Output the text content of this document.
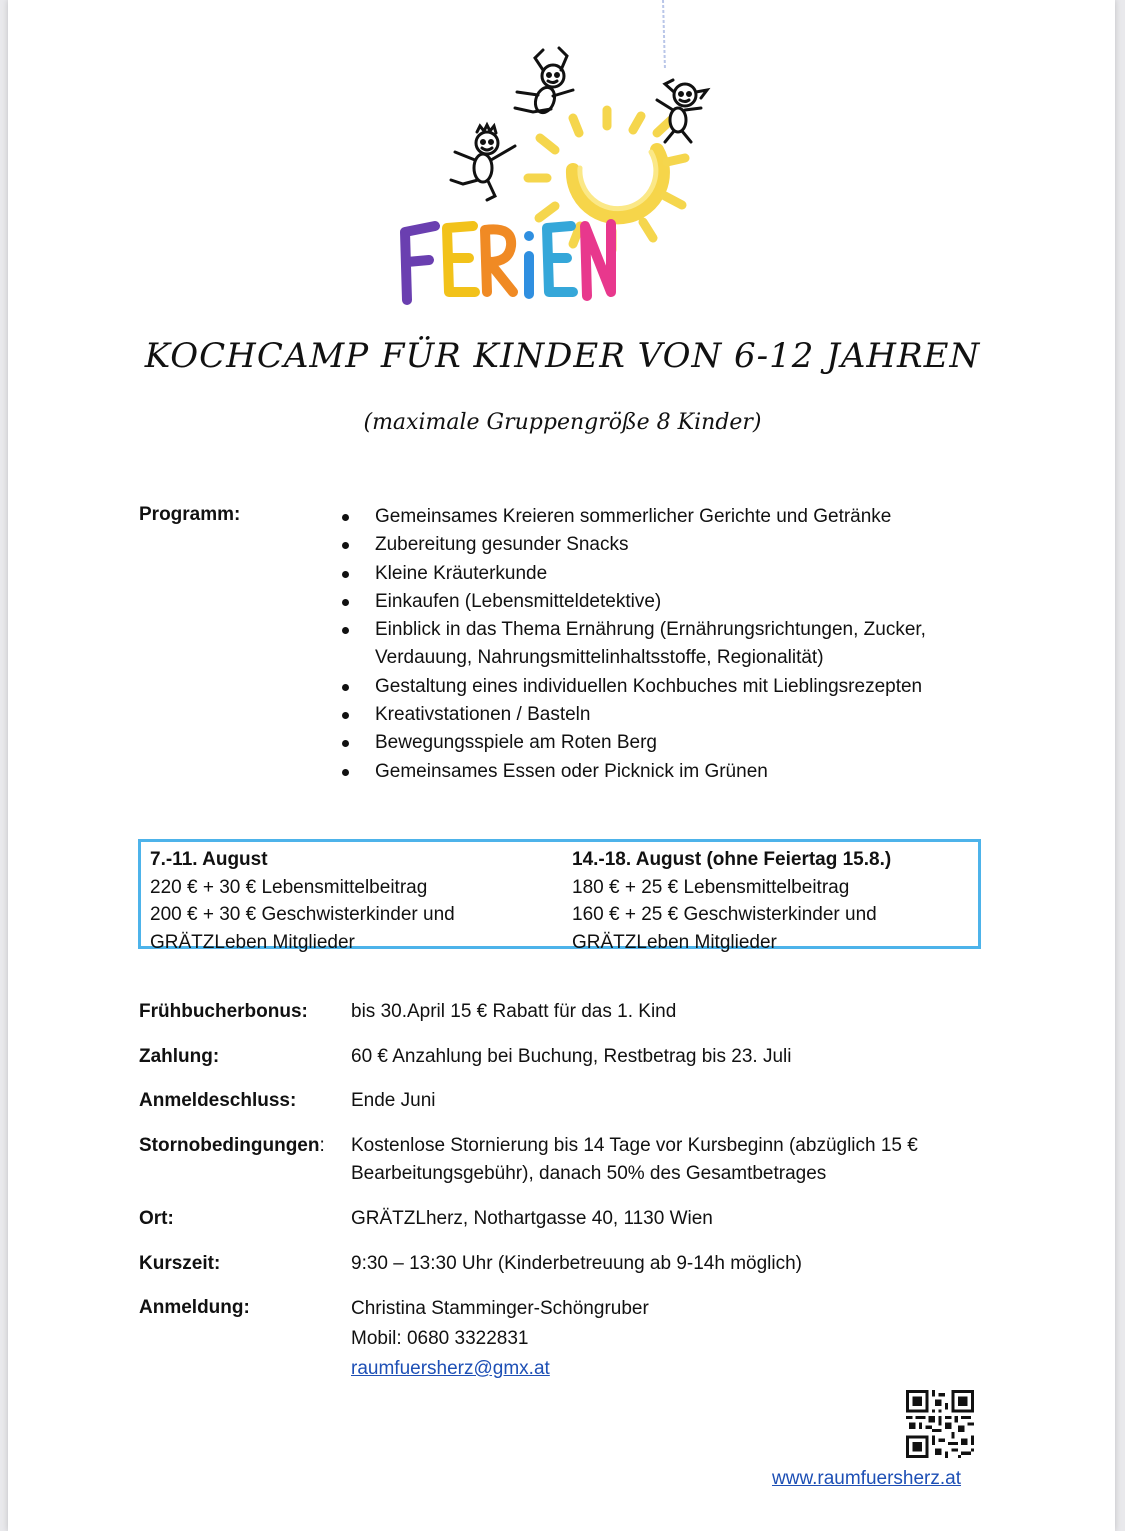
KOCHCAMP FÜR KINDER VON 6-12 JAHREN
(maximale Gruppengröße 8 Kinder)
Programm:	Gemeinsames Kreieren sommerlicher Gerichte und Getränke
Zubereitung gesunder Snacks
Kleine Kräuterkunde
Einkaufen (Lebensmitteldetektive)
Einblick in das Thema Ernährung (Ernährungsrichtungen, Zucker, Verdauung, Nahrungsmittelinhaltsstoffe, Regionalität)
Gestaltung eines individuellen Kochbuches mit Lieblingsrezepten
Kreativstationen / Basteln
Bewegungsspiele am Roten Berg
Gemeinsames Essen oder Picknick im Grünen
7.-11. August
220 € + 30 € Lebensmittelbeitrag
200 € + 30 € Geschwisterkinder und
GRÄTZLeben Mitglieder
14.-18. August (ohne Feiertag 15.8.)
180 € + 25 € Lebensmittelbeitrag
160 € + 25 € Geschwisterkinder und
GRÄTZLeben Mitglieder
Frühbucherbonus: bis 30.April 15 € Rabatt für das 1. Kind
Zahlung:	60 € Anzahlung bei Buchung, Restbetrag bis 23. Juli
Anmeldeschluss:	Ende Juni
Stornobedingungen: Kostenlose Stornierung bis 14 Tage vor Kursbeginn (abzüglich 15 € Bearbeitungsgebühr), danach 50% des Gesamtbetrages
Ort:	GRÄTZLherz, Nothartgasse 40, 1130 Wien
Kurszeit:	9:30 – 13:30 Uhr (Kinderbetreuung ab 9-14h möglich)
Anmeldung:	Christina Stamminger-Schöngruber
Mobil: 0680 3322831
raumfuersherz@gmx.at
www.raumfuersherz.at
